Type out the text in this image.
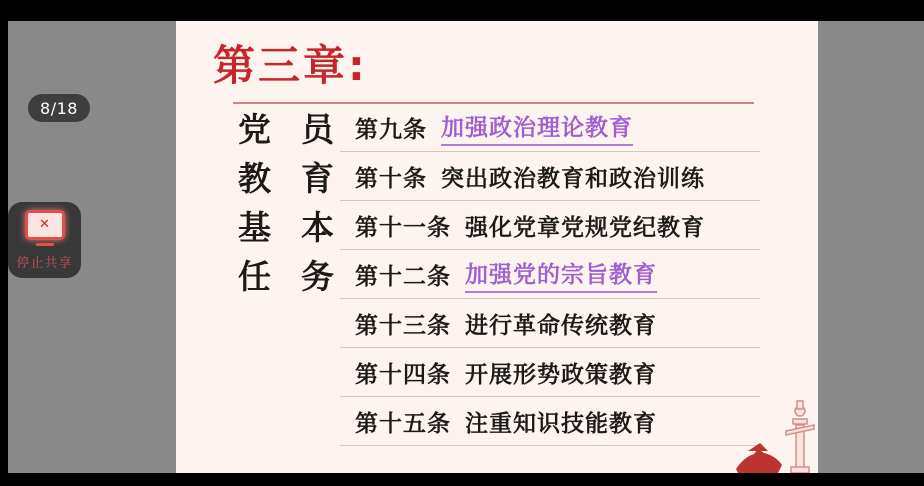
第三章:
党 员
教 育
基 本
任 务
第九条 加强政治理论教育
第十条 突出政治教育和政治训练
第十一条 强化党章党规党纪教育
第十二条 加强党的宗旨教育
第十三条 进行革命传统教育
第十四条 开展形势政策教育
第十五条 注重知识技能教育
8/18
✕
停止共享
